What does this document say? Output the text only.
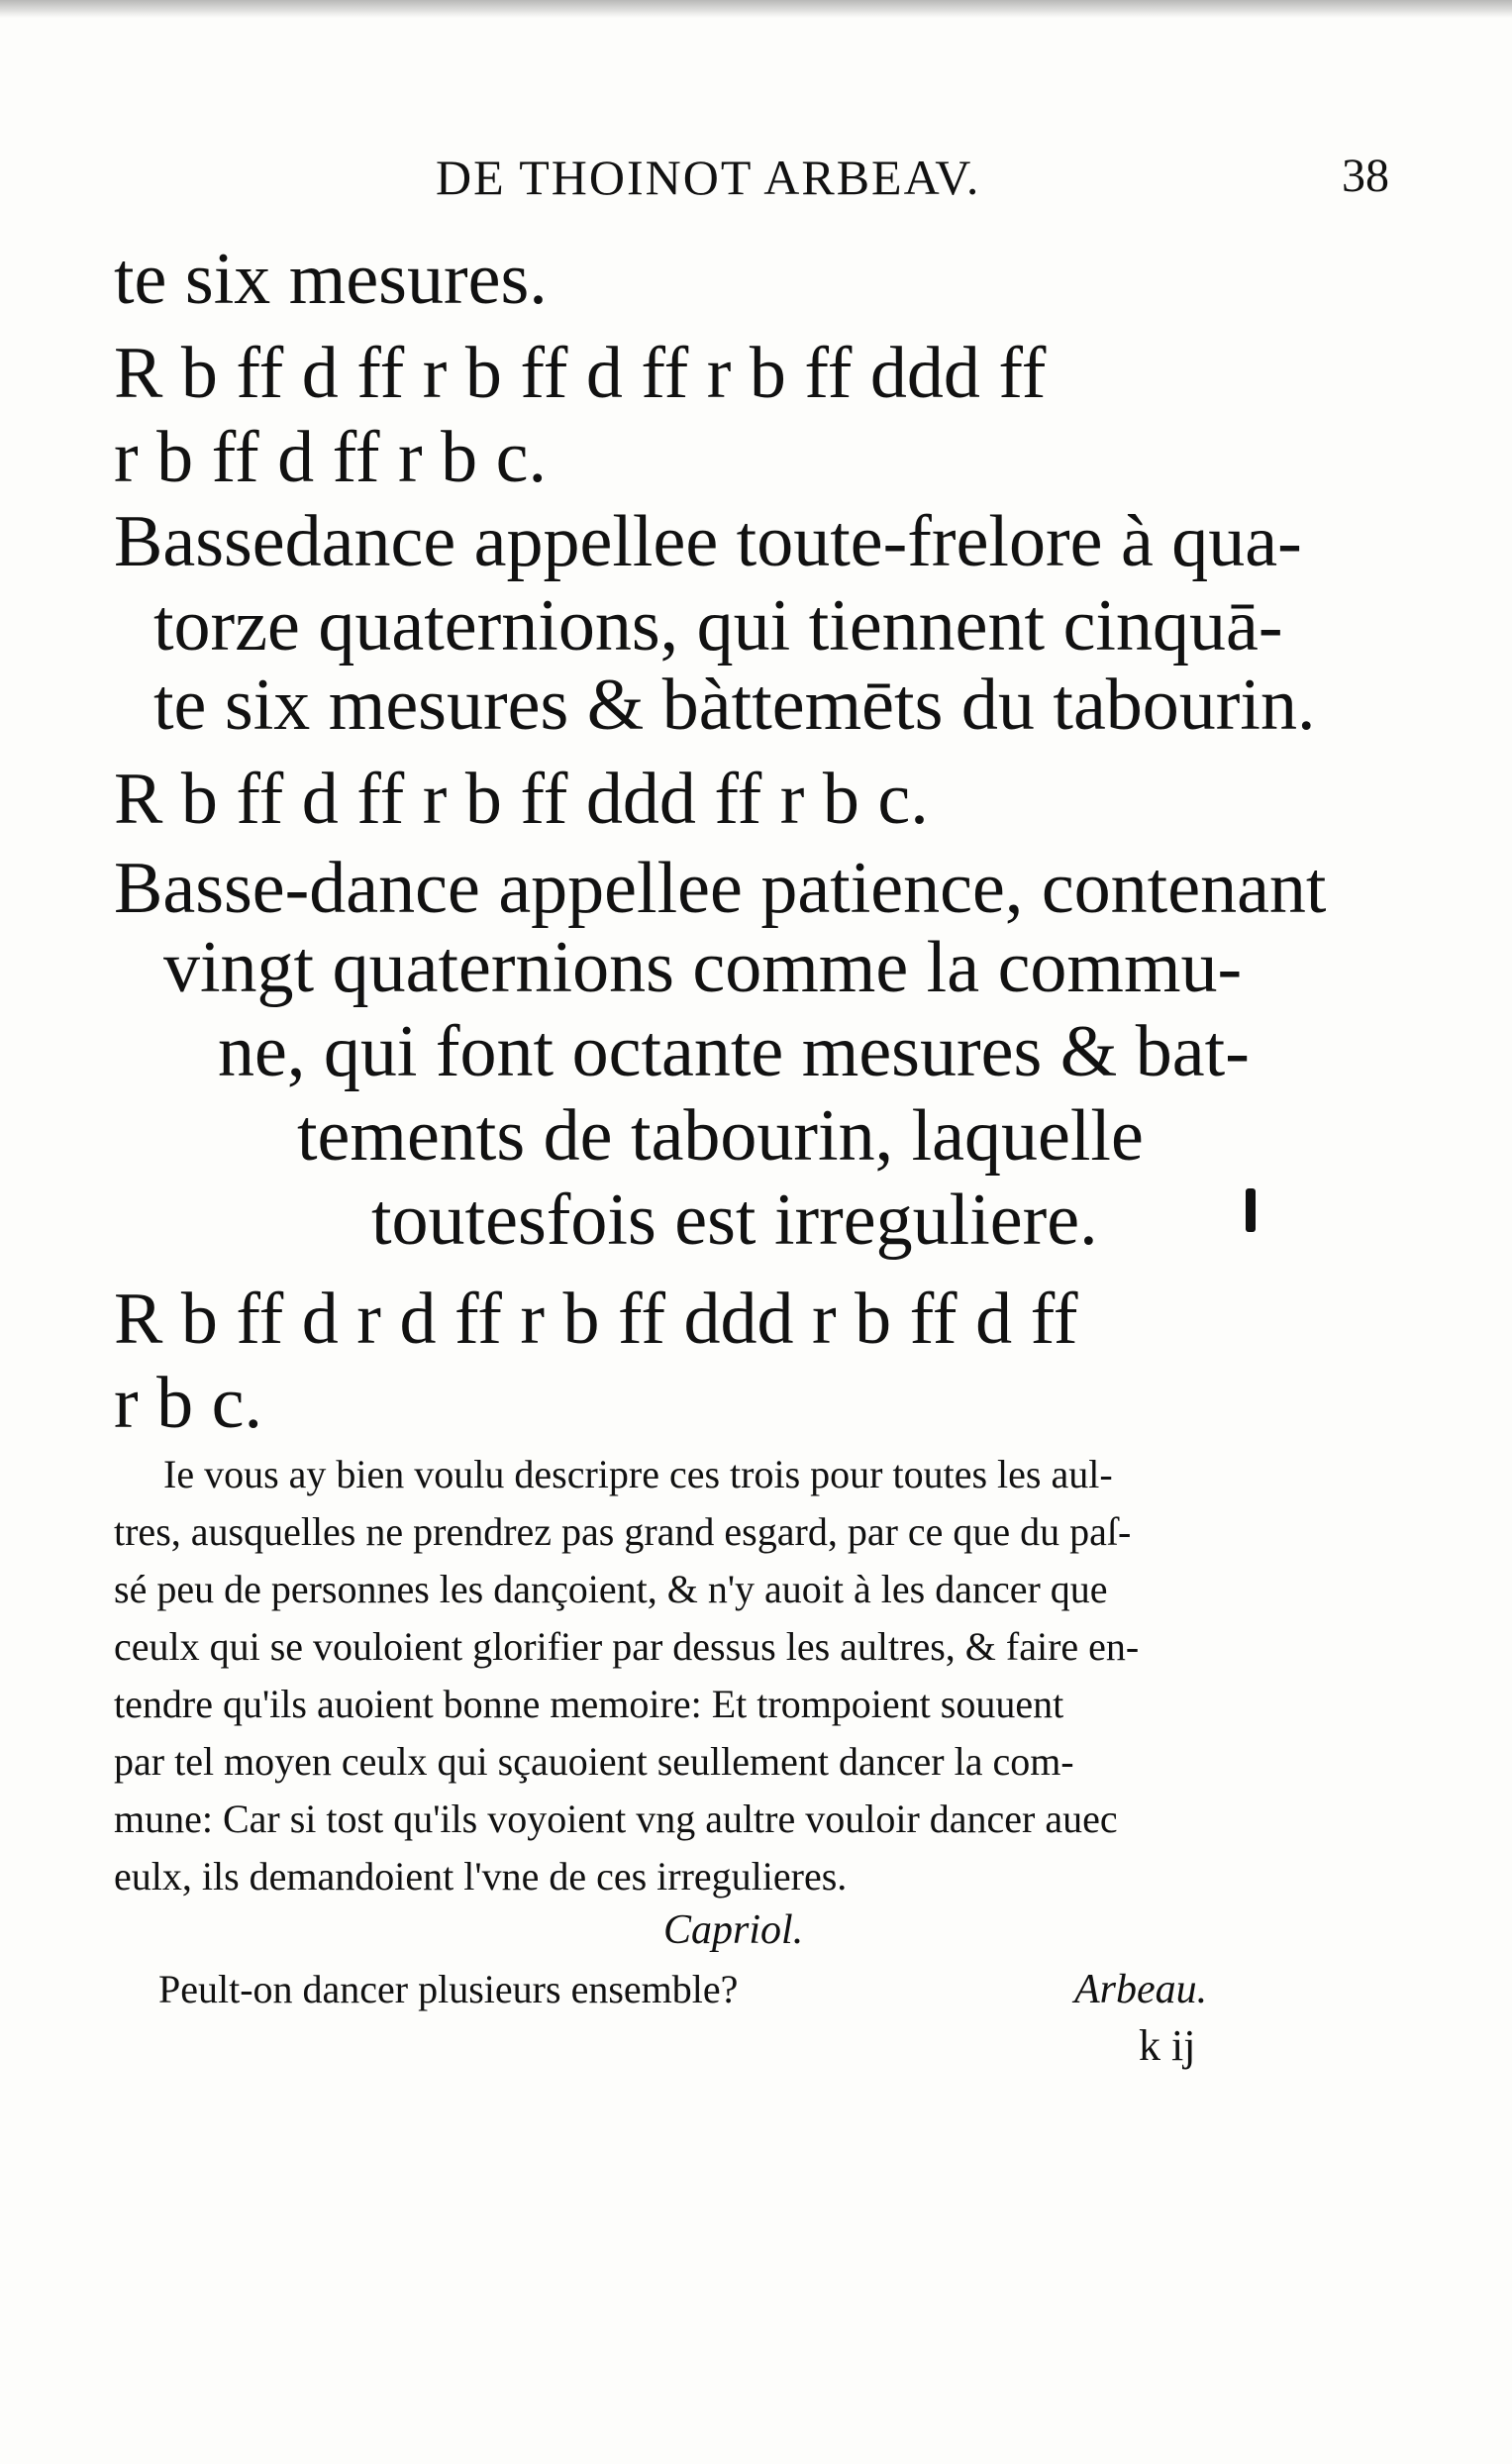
DE THOINOT ARBEAV.	38
te six mesures.
R b ff d ff r b ff d ff r b ff ddd ff
r b ff d ff r b c.
Bassedance appellee toute-frelore à qua-
torze quaternions, qui tiennent cinquā-
te six mesures & bàttemēts du tabourin.
R b ff d ff r b ff ddd ff r b c.
Basse-dance appellee patience, contenant
vingt quaternions comme la commu-
ne, qui font octante mesures & bat-
tements de tabourin, laquelle
toutesfois est irreguliere.
R b ff d r d ff r b ff ddd r b ff d ff
r b c.
Ie vous ay bien voulu descripre ces trois pour toutes les aul-
tres, ausquelles ne prendrez pas grand esgard, par ce que du paſ-
sé peu de personnes les dançoient, & n'y auoit à les dancer que
ceulx qui se vouloient glorifier par dessus les aultres, & faire en-
tendre qu'ils auoient bonne memoire: Et trompoient souuent
par tel moyen ceulx qui sçauoient seullement dancer la com-
mune: Car si tost qu'ils voyoient vng aultre vouloir dancer auec
eulx, ils demandoient l'vne de ces irregulieres.
Capriol.
Peult-on dancer plusieurs ensemble?	Arbeau.
k ij
